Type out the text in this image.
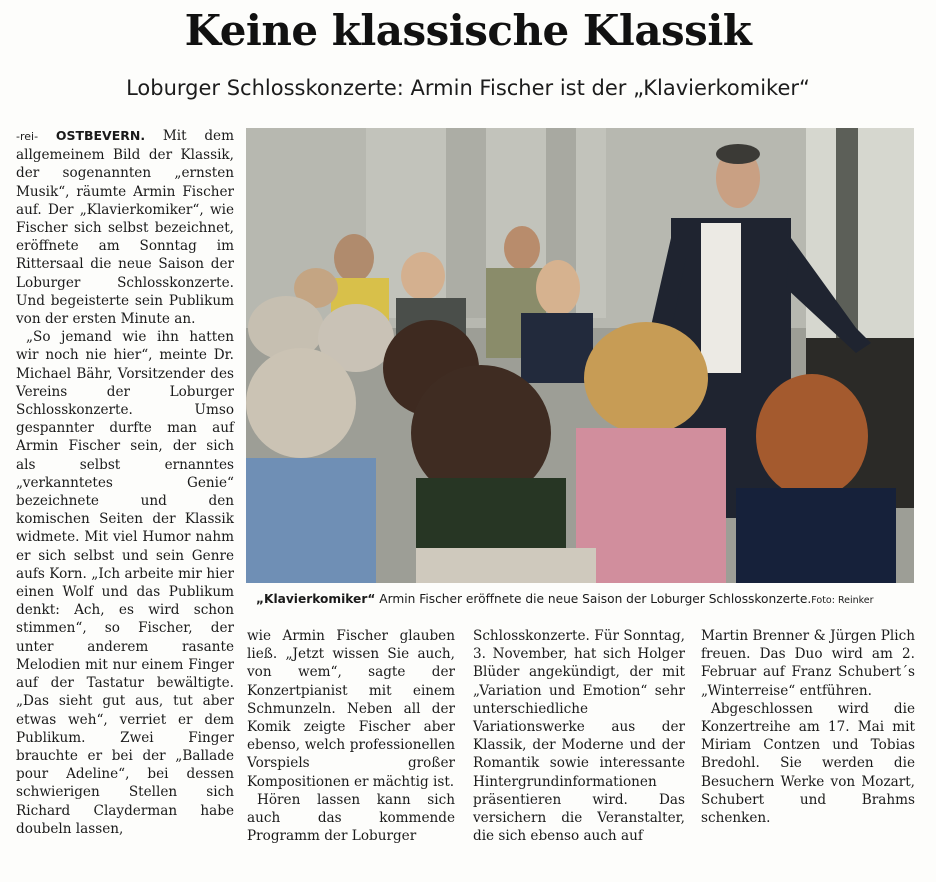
Keine klassische Klassik
Loburger Schlosskonzerte: Armin Fischer ist der „Klavierkomiker“

-rei- OSTBEVERN. Mit dem allgemeinem Bild der Klassik, der sogenannten „ernsten Musik“, räumte Armin Fischer auf. Der „Klavierkomiker“, wie Fischer sich selbst bezeichnet, eröffnete am Sonntag im Rittersaal die neue Saison der Loburger Schlosskonzerte. Und begeisterte sein Publikum von der ersten Minute an.

„So jemand wie ihn hatten wir noch nie hier“, meinte Dr. Michael Bähr, Vorsitzender des Vereins der Loburger Schlosskonzerte. Umso gespannter durfte man auf Armin Fischer sein, der sich als selbst ernanntes „verkanntetes Genie“ bezeichnete und den komischen Seiten der Klassik widmete. Mit viel Humor nahm er sich selbst und sein Genre aufs Korn. „Ich arbeite mir hier einen Wolf und das Publikum denkt: Ach, es wird schon stimmen“, so Fischer, der unter anderem rasante Melodien mit nur einem Finger auf der Tastatur bewältigte. „Das sieht gut aus, tut aber etwas weh“, verriet er dem Publikum. Zwei Finger brauchte er bei der „Ballade pour Adeline“, bei dessen schwierigen Stellen sich Richard Clayderman habe doubeln lassen,

„Klavierkomiker“ Armin Fischer eröffnete die neue Saison der Loburger Schlosskonzerte.Foto: Reinker

wie Armin Fischer glauben ließ. „Jetzt wissen Sie auch, von wem“, sagte der Konzertpianist mit einem Schmunzeln. Neben all der Komik zeigte Fischer aber ebenso, welch professionellen Vorspiels großer Kompositionen er mächtig ist.

Hören lassen kann sich auch das kommende Programm der Loburger

Schlosskonzerte. Für Sonntag, 3. November, hat sich Holger Blüder angekündigt, der mit „Variation und Emotion“ sehr unterschiedliche Variationswerke aus der Klassik, der Moderne und der Romantik sowie interessante Hintergrundinformationen präsentieren wird. Das versichern die Veranstalter, die sich ebenso auch auf

Martin Brenner & Jürgen Plich freuen. Das Duo wird am 2. Februar auf Franz Schubert´s „Winterreise“ entführen.

Abgeschlossen wird die Konzertreihe am 17. Mai mit Miriam Contzen und Tobias Bredohl. Sie werden die Besuchern Werke von Mozart, Schubert und Brahms schenken.
